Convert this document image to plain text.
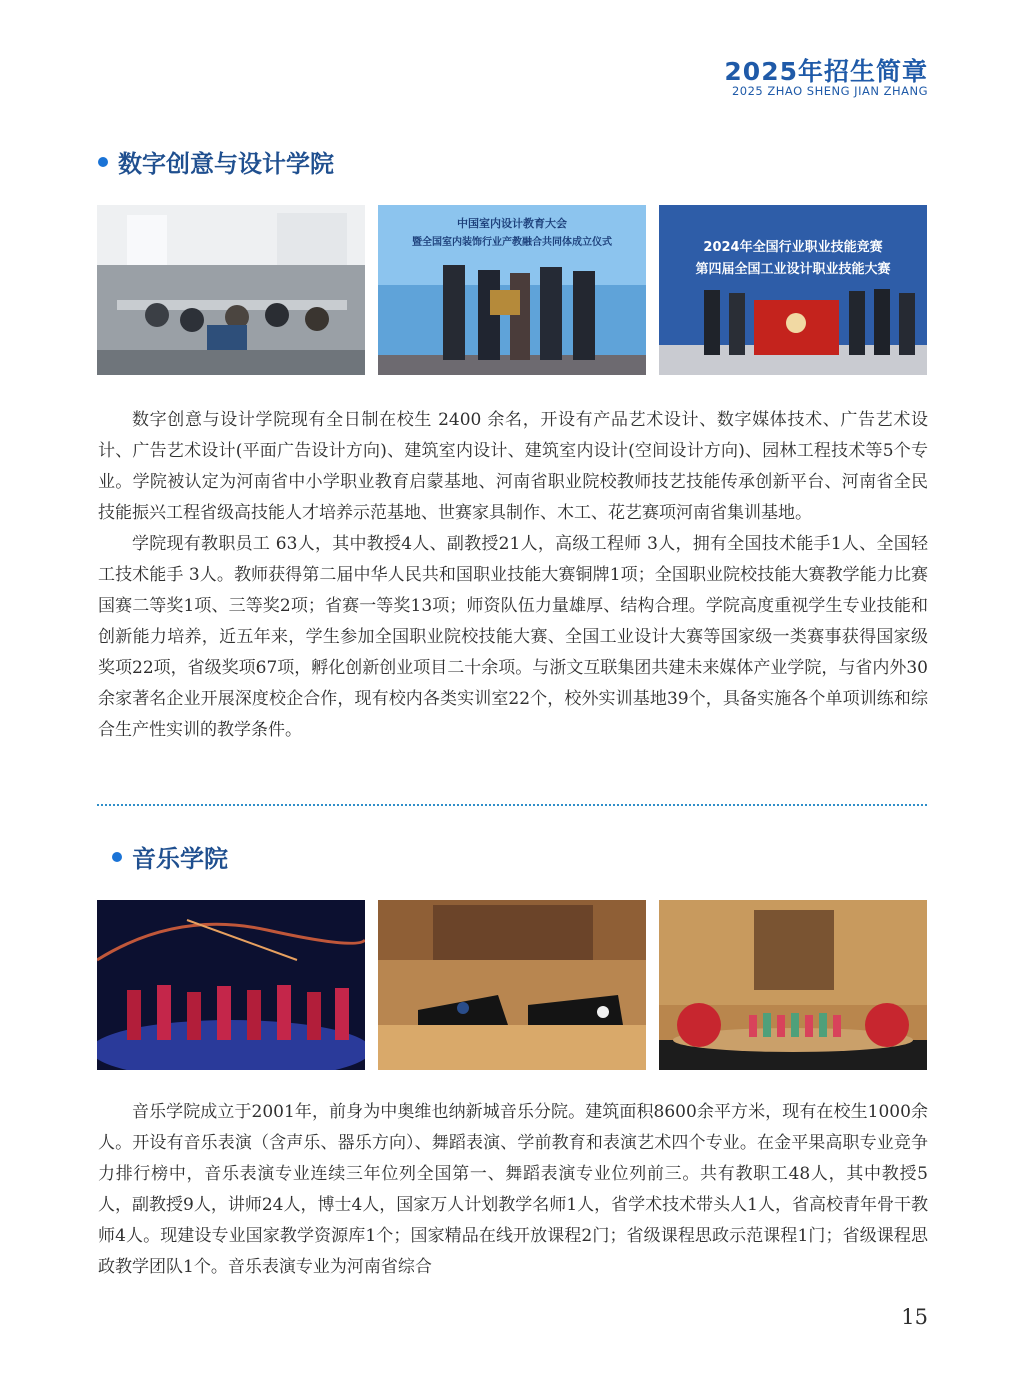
2025年招生简章
2025 ZHAO SHENG JIAN ZHANG
数字创意与设计学院
中国室内设计教育大会
暨全国室内装饰行业产教融合共同体成立仪式	2024年全国行业职业技能竞赛
第四届全国工业设计职业技能大赛

数字创意与设计学院现有全日制在校生 2400 余名，开设有产品艺术设计、数字媒体技术、广告艺术设计、广告艺术设计(平面广告设计方向)、建筑室内设计、建筑室内设计(空间设计方向)、园林工程技术等5个专业。学院被认定为河南省中小学职业教育启蒙基地、河南省职业院校教师技艺技能传承创新平台、河南省全民技能振兴工程省级高技能人才培养示范基地、世赛家具制作、木工、花艺赛项河南省集训基地。

学院现有教职员工 63人，其中教授4人、副教授21人，高级工程师 3人，拥有全国技术能手1人、全国轻工技术能手 3人。教师获得第二届中华人民共和国职业技能大赛铜牌1项；全国职业院校技能大赛教学能力比赛国赛二等奖1项、三等奖2项；省赛一等奖13项；师资队伍力量雄厚、结构合理。学院高度重视学生专业技能和创新能力培养，近五年来，学生参加全国职业院校技能大赛、全国工业设计大赛等国家级一类赛事获得国家级奖项22项，省级奖项67项，孵化创新创业项目二十余项。与浙文互联集团共建未来媒体产业学院，与省内外30余家著名企业开展深度校企合作，现有校内各类实训室22个，校外实训基地39个，具备实施各个单项训练和综合生产性实训的教学条件。

音乐学院

音乐学院成立于2001年，前身为中奥维也纳新城音乐分院。建筑面积8600余平方米，现有在校生1000余人。开设有音乐表演（含声乐、器乐方向）、舞蹈表演、学前教育和表演艺术四个专业。在金平果高职专业竞争力排行榜中，音乐表演专业连续三年位列全国第一、舞蹈表演专业位列前三。共有教职工48人，其中教授5人，副教授9人，讲师24人，博士4人，国家万人计划教学名师1人，省学术技术带头人1人，省高校青年骨干教师4人。现建设专业国家教学资源库1个；国家精品在线开放课程2门；省级课程思政示范课程1门；省级课程思政教学团队1个。音乐表演专业为河南省综合

15
